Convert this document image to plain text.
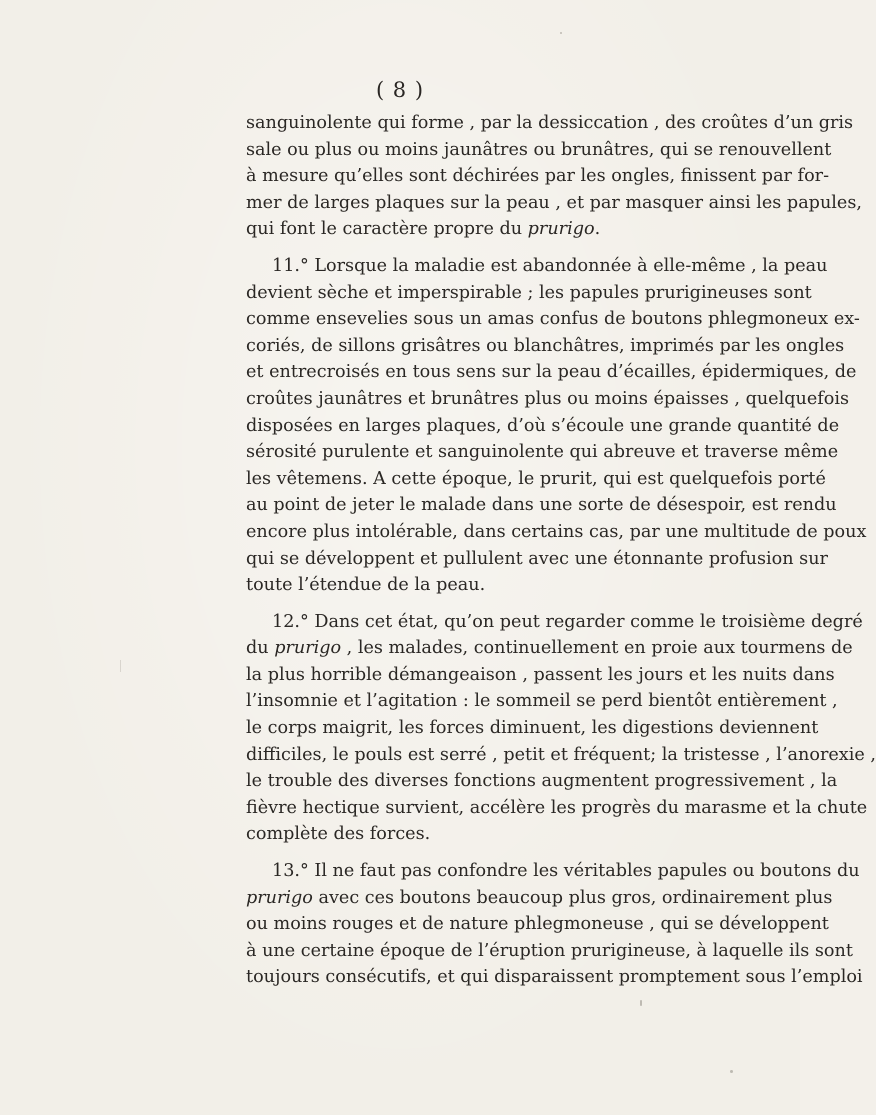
( 8 )

sanguinolente qui forme , par la dessiccation , des croûtes d’un gris
sale ou plus ou moins jaunâtres ou brunâtres, qui se renouvellent
à mesure qu’elles sont déchirées par les ongles, finissent par for-
mer de larges plaques sur la peau , et par masquer ainsi les papules,
qui font le caractère propre du prurigo.

11.° Lorsque la maladie est abandonnée à elle-même , la peau
devient sèche et imperspirable ; les papules prurigineuses sont
comme ensevelies sous un amas confus de boutons phlegmoneux ex-
coriés, de sillons grisâtres ou blanchâtres, imprimés par les ongles
et entrecroisés en tous sens sur la peau d’écailles, épidermiques, de
croûtes jaunâtres et brunâtres plus ou moins épaisses , quelquefois
disposées en larges plaques, d’où s’écoule une grande quantité de
sérosité purulente et sanguinolente qui abreuve et traverse même
les vêtemens. A cette époque, le prurit, qui est quelquefois porté
au point de jeter le malade dans une sorte de désespoir, est rendu
encore plus intolérable, dans certains cas, par une multitude de poux
qui se développent et pullulent avec une étonnante profusion sur
toute l’étendue de la peau.

12.° Dans cet état, qu’on peut regarder comme le troisième degré
du prurigo , les malades, continuellement en proie aux tourmens de
la plus horrible démangeaison , passent les jours et les nuits dans
l’insomnie et l’agitation : le sommeil se perd bientôt entièrement ,
le corps maigrit, les forces diminuent, les digestions deviennent
difficiles, le pouls est serré , petit et fréquent; la tristesse , l’anorexie ,
le trouble des diverses fonctions augmentent progressivement , la
fièvre hectique survient, accélère les progrès du marasme et la chute
complète des forces.

13.° Il ne faut pas confondre les véritables papules ou boutons du
prurigo avec ces boutons beaucoup plus gros, ordinairement plus
ou moins rouges et de nature phlegmoneuse , qui se développent
à une certaine époque de l’éruption prurigineuse, à laquelle ils sont
toujours consécutifs, et qui disparaissent promptement sous l’emploi
